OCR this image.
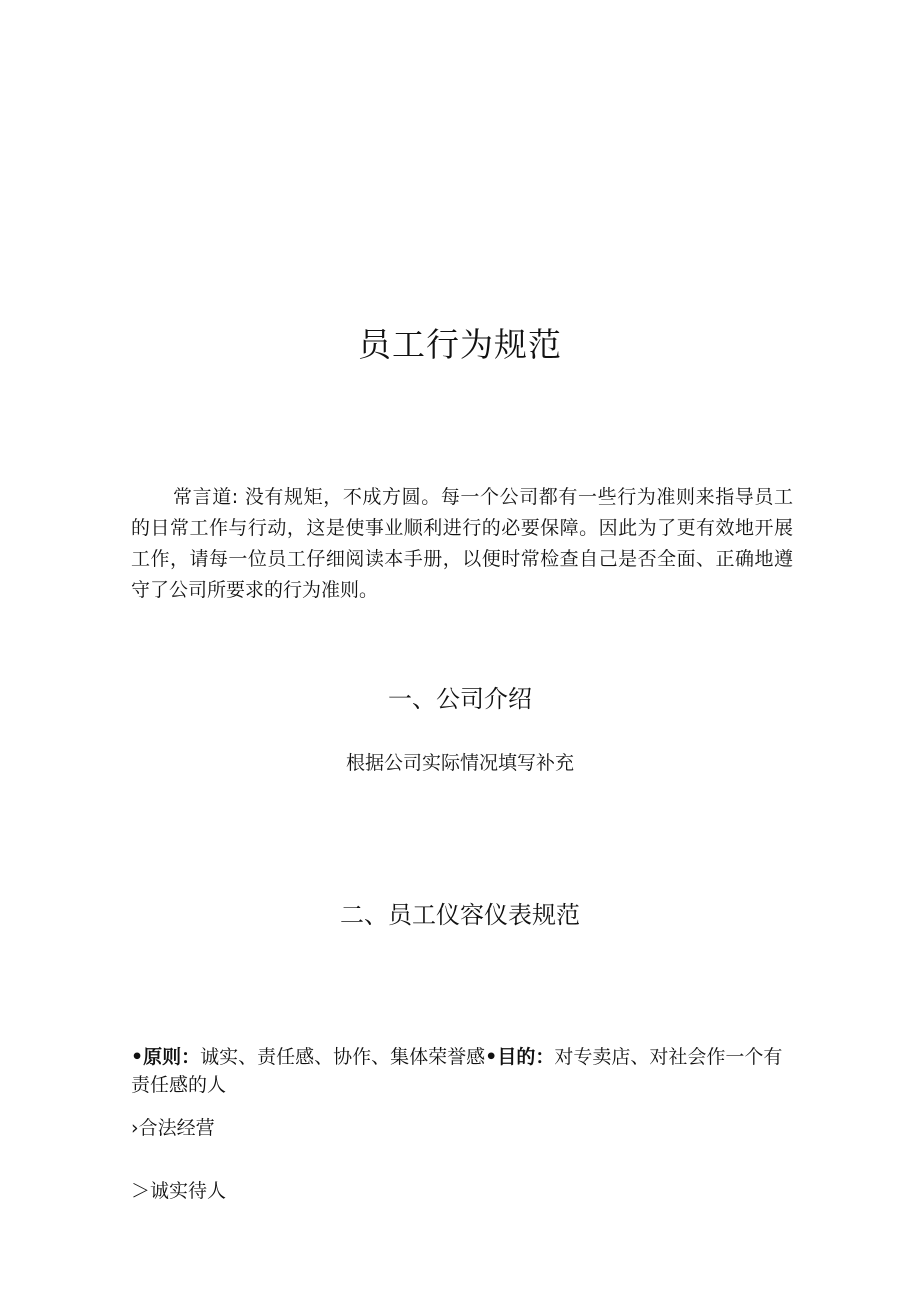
员工行为规范
常言道: 没有规矩，不成方圆。每一个公司都有一些行为准则来指导员工的日常工作与行动，这是使事业顺利进行的必要保障。因此为了更有效地开展工作，请每一位员工仔细阅读本手册，以便时常检查自己是否全面、正确地遵守了公司所要求的行为准则。
一、公司介绍
根据公司实际情况填写补充
二、员工仪容仪表规范
•原则：诚实、责任感、协作、集体荣誉感•目的：对专卖店、对社会作一个有责任感的人
›合法经营
＞诚实待人
